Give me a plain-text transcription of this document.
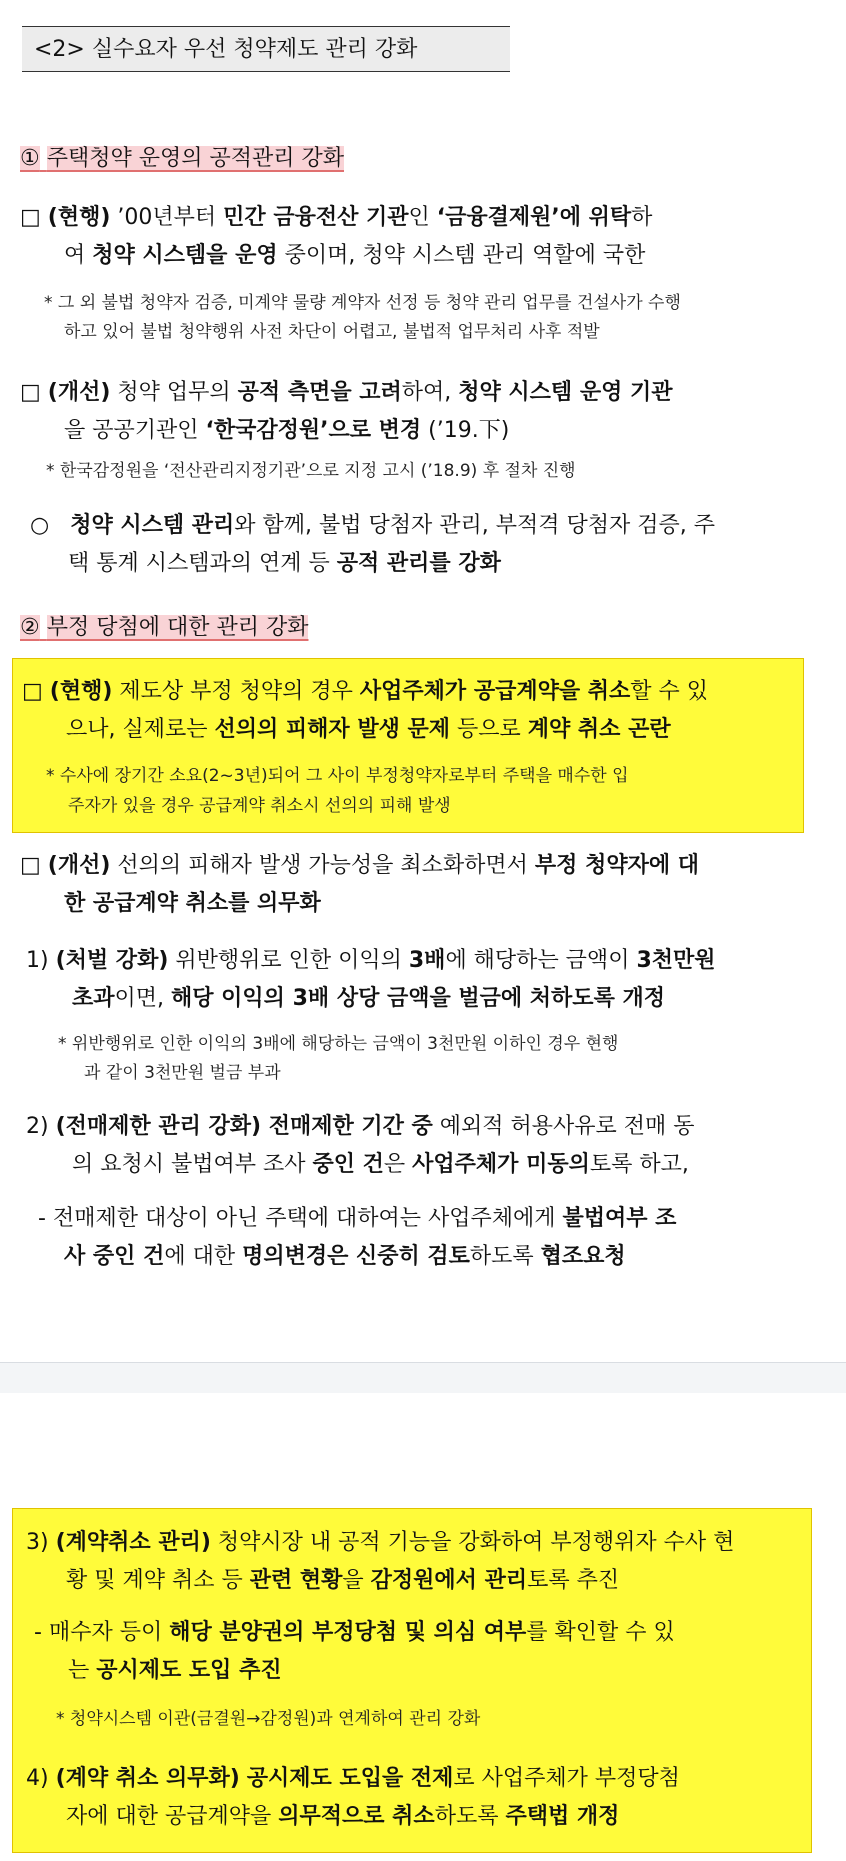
<2> 실수요자 우선 청약제도 관리 강화
① 주택청약 운영의 공적관리 강화
□ (현행) ’00년부터 민간 금융전산 기관인 ‘금융결제원’에 위탁하
여 청약 시스템을 운영 중이며, 청약 시스템 관리 역할에 국한
* 그 외 불법 청약자 검증, 미계약 물량 계약자 선정 등 청약 관리 업무를 건설사가 수행
하고 있어 불법 청약행위 사전 차단이 어렵고, 불법적 업무처리 사후 적발
□ (개선) 청약 업무의 공적 측면을 고려하여, 청약 시스템 운영 기관
을 공공기관인 ‘한국감정원’으로 변경 (’19.下)
* 한국감정원을 ‘전산관리지정기관’으로 지정 고시 (’18.9) 후 절차 진행
○ 청약 시스템 관리와 함께, 불법 당첨자 관리, 부적격 당첨자 검증, 주
택 통계 시스템과의 연계 등 공적 관리를 강화
② 부정 당첨에 대한 관리 강화
□ (현행) 제도상 부정 청약의 경우 사업주체가 공급계약을 취소할 수 있
으나, 실제로는 선의의 피해자 발생 문제 등으로 계약 취소 곤란
* 수사에 장기간 소요(2~3년)되어 그 사이 부정청약자로부터 주택을 매수한 입
주자가 있을 경우 공급계약 취소시 선의의 피해 발생
□ (개선) 선의의 피해자 발생 가능성을 최소화하면서 부정 청약자에 대
한 공급계약 취소를 의무화
1) (처벌 강화) 위반행위로 인한 이익의 3배에 해당하는 금액이 3천만원
초과이면, 해당 이익의 3배 상당 금액을 벌금에 처하도록 개정
* 위반행위로 인한 이익의 3배에 해당하는 금액이 3천만원 이하인 경우 현행
과 같이 3천만원 벌금 부과
2) (전매제한 관리 강화) 전매제한 기간 중 예외적 허용사유로 전매 동
의 요청시 불법여부 조사 중인 건은 사업주체가 미동의토록 하고,
- 전매제한 대상이 아닌 주택에 대하여는 사업주체에게 불법여부 조
사 중인 건에 대한 명의변경은 신중히 검토하도록 협조요청
3) (계약취소 관리) 청약시장 내 공적 기능을 강화하여 부정행위자 수사 현
황 및 계약 취소 등 관련 현황을 감정원에서 관리토록 추진
- 매수자 등이 해당 분양권의 부정당첨 및 의심 여부를 확인할 수 있
는 공시제도 도입 추진
* 청약시스템 이관(금결원→감정원)과 연계하여 관리 강화
4) (계약 취소 의무화) 공시제도 도입을 전제로 사업주체가 부정당첨
자에 대한 공급계약을 의무적으로 취소하도록 주택법 개정
